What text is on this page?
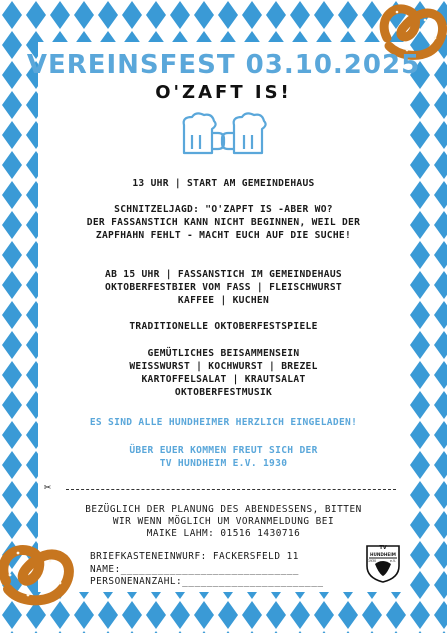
VEREINSFEST 03.10.2025
O'ZAFT IS!
13 UHR | START AM GEMEINDEHAUS
SCHNITZELJAGD: "O'ZAPFT IS -ABER WO?
DER FASSANSTICH KANN NICHT BEGINNEN, WEIL DER
ZAPFHAHN FEHLT - MACHT EUCH AUF DIE SUCHE!
AB 15 UHR | FASSANSTICH IM GEMEINDEHAUS
OKTOBERFESTBIER VOM FASS | FLEISCHWURST
KAFFEE | KUCHEN
TRADITIONELLE OKTOBERFESTSPIELE
GEMÜTLICHES BEISAMMENSEIN
WEISSWURST | KOCHWURST | BREZEL
KARTOFFELSALAT | KRAUTSALAT
OKTOBERFESTMUSIK
ES SIND ALLE HUNDHEIMER HERZLICH EINGELADEN!
ÜBER EUER KOMMEN FREUT SICH DER
TV HUNDHEIM E.V. 1930
✂
BEZÜGLICH DER PLANUNG DES ABENDESSENS, BITTEN
WIR WENN MÖGLICH UM VORANMELDUNG BEI
MAIKE LAHM: 01516 1430716
BRIEFKASTENEINWURF: FACKERSFELD 11
NAME:_____________________________
PERSONENANZAHL:_______________________
TV
HUNDHEIM
1930	e.V.
